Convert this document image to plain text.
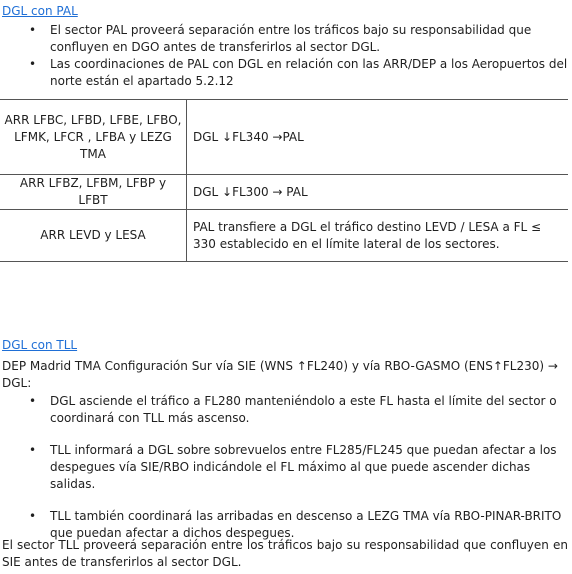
DGL con PAL
• El sector PAL proveerá separación entre los tráficos bajo su responsabilidad que confluyen en DGO antes de transferirlos al sector DGL.
• Las coordinaciones de PAL con DGL en relación con las ARR/DEP a los Aeropuertos del norte están el apartado 5.2.12
ARR LFBC, LFBD, LFBE, LFBO, LFMK, LFCR , LFBA y LEZG TMA	DGL ↓FL340 →PAL
ARR LFBZ, LFBM, LFBP y LFBT	DGL ↓FL300 → PAL
ARR LEVD y LESA	PAL transfiere a DGL el tráfico destino LEVD / LESA a FL ≤ 330 establecido en el límite lateral de los sectores.
DGL con TLL
DEP Madrid TMA Configuración Sur vía SIE (WNS ↑FL240) y vía RBO-GASMO (ENS↑FL230) → DGL:
• DGL asciende el tráfico a FL280 manteniéndolo a este FL hasta el límite del sector o coordinará con TLL más ascenso.
• TLL informará a DGL sobre sobrevuelos entre FL285/FL245 que puedan afectar a los despegues vía SIE/RBO indicándole el FL máximo al que puede ascender dichas salidas.
• TLL también coordinará las arribadas en descenso a LEZG TMA vía RBO-PINAR-BRITO que puedan afectar a dichos despegues.
El sector TLL proveerá separación entre los tráficos bajo su responsabilidad que confluyen en SIE antes de transferirlos al sector DGL.
